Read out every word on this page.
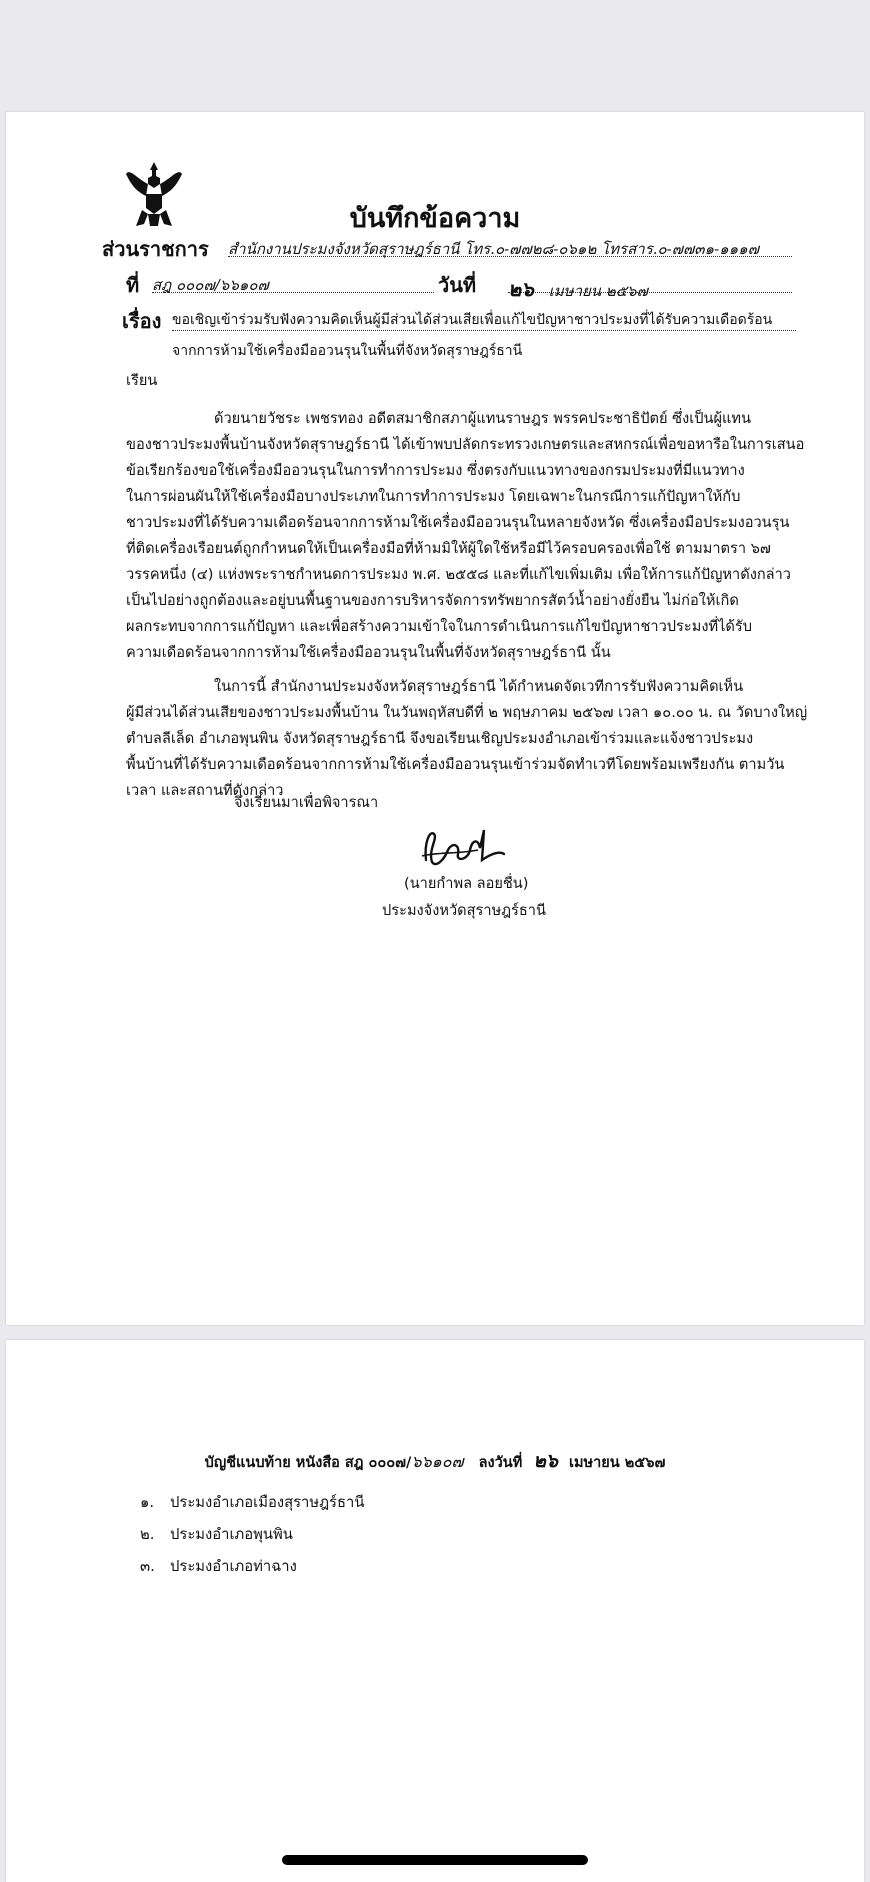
บันทึกข้อความ
ส่วนราชการ สำนักงานประมงจังหวัดสุราษฎร์ธานี โทร.๐-๗๗๒๘-๐๖๑๒ โทรสาร.๐-๗๗๓๑-๑๑๑๗
ที่ สฎ ๐๐๐๗/๖๖๑๐๗	วันที่ ๒๖ เมษายน ๒๕๖๗
เรื่อง ขอเชิญเข้าร่วมรับฟังความคิดเห็นผู้มีส่วนได้ส่วนเสียเพื่อแก้ไขปัญหาชาวประมงที่ได้รับความเดือดร้อน
จากการห้ามใช้เครื่องมืออวนรุนในพื้นที่จังหวัดสุราษฎร์ธานี
เรียน
ด้วยนายวัชระ เพชรทอง อดีตสมาชิกสภาผู้แทนราษฎร พรรคประชาธิปัตย์ ซึ่งเป็นผู้แทน
ของชาวประมงพื้นบ้านจังหวัดสุราษฎร์ธานี ได้เข้าพบปลัดกระทรวงเกษตรและสหกรณ์เพื่อขอหารือในการเสนอ
ข้อเรียกร้องขอใช้เครื่องมืออวนรุนในการทำการประมง ซึ่งตรงกับแนวทางของกรมประมงที่มีแนวทาง
ในการผ่อนผันให้ใช้เครื่องมือบางประเภทในการทำการประมง โดยเฉพาะในกรณีการแก้ปัญหาให้กับ
ชาวประมงที่ได้รับความเดือดร้อนจากการห้ามใช้เครื่องมืออวนรุนในหลายจังหวัด ซึ่งเครื่องมือประมงอวนรุน
ที่ติดเครื่องเรือยนต์ถูกกำหนดให้เป็นเครื่องมือที่ห้ามมิให้ผู้ใดใช้หรือมีไว้ครอบครองเพื่อใช้ ตามมาตรา ๖๗
วรรคหนึ่ง (๔) แห่งพระราชกำหนดการประมง พ.ศ. ๒๕๕๘ และที่แก้ไขเพิ่มเติม เพื่อให้การแก้ปัญหาดังกล่าว
เป็นไปอย่างถูกต้องและอยู่บนพื้นฐานของการบริหารจัดการทรัพยากรสัตว์น้ำอย่างยั่งยืน ไม่ก่อให้เกิด
ผลกระทบจากการแก้ปัญหา และเพื่อสร้างความเข้าใจในการดำเนินการแก้ไขปัญหาชาวประมงที่ได้รับ
ความเดือดร้อนจากการห้ามใช้เครื่องมืออวนรุนในพื้นที่จังหวัดสุราษฎร์ธานี นั้น
ในการนี้ สำนักงานประมงจังหวัดสุราษฎร์ธานี ได้กำหนดจัดเวทีการรับฟังความคิดเห็น
ผู้มีส่วนได้ส่วนเสียของชาวประมงพื้นบ้าน ในวันพฤหัสบดีที่ ๒ พฤษภาคม ๒๕๖๗ เวลา ๑๐.๐๐ น. ณ วัดบางใหญ่
ตำบลลีเล็ด อำเภอพุนพิน จังหวัดสุราษฎร์ธานี จึงขอเรียนเชิญประมงอำเภอเข้าร่วมและแจ้งชาวประมง
พื้นบ้านที่ได้รับความเดือดร้อนจากการห้ามใช้เครื่องมืออวนรุนเข้าร่วมจัดทำเวทีโดยพร้อมเพรียงกัน ตามวัน
เวลา และสถานที่ดังกล่าว
จึงเรียนมาเพื่อพิจารณา
(นายกำพล ลอยชื่น)
ประมงจังหวัดสุราษฎร์ธานี
บัญชีแนบท้าย หนังสือ สฎ ๐๐๐๗/๖๖๑๐๗ ลงวันที่ ๒๖ เมษายน ๒๕๖๗
๑. ประมงอำเภอเมืองสุราษฎร์ธานี
๒. ประมงอำเภอพุนพิน
๓. ประมงอำเภอท่าฉาง
